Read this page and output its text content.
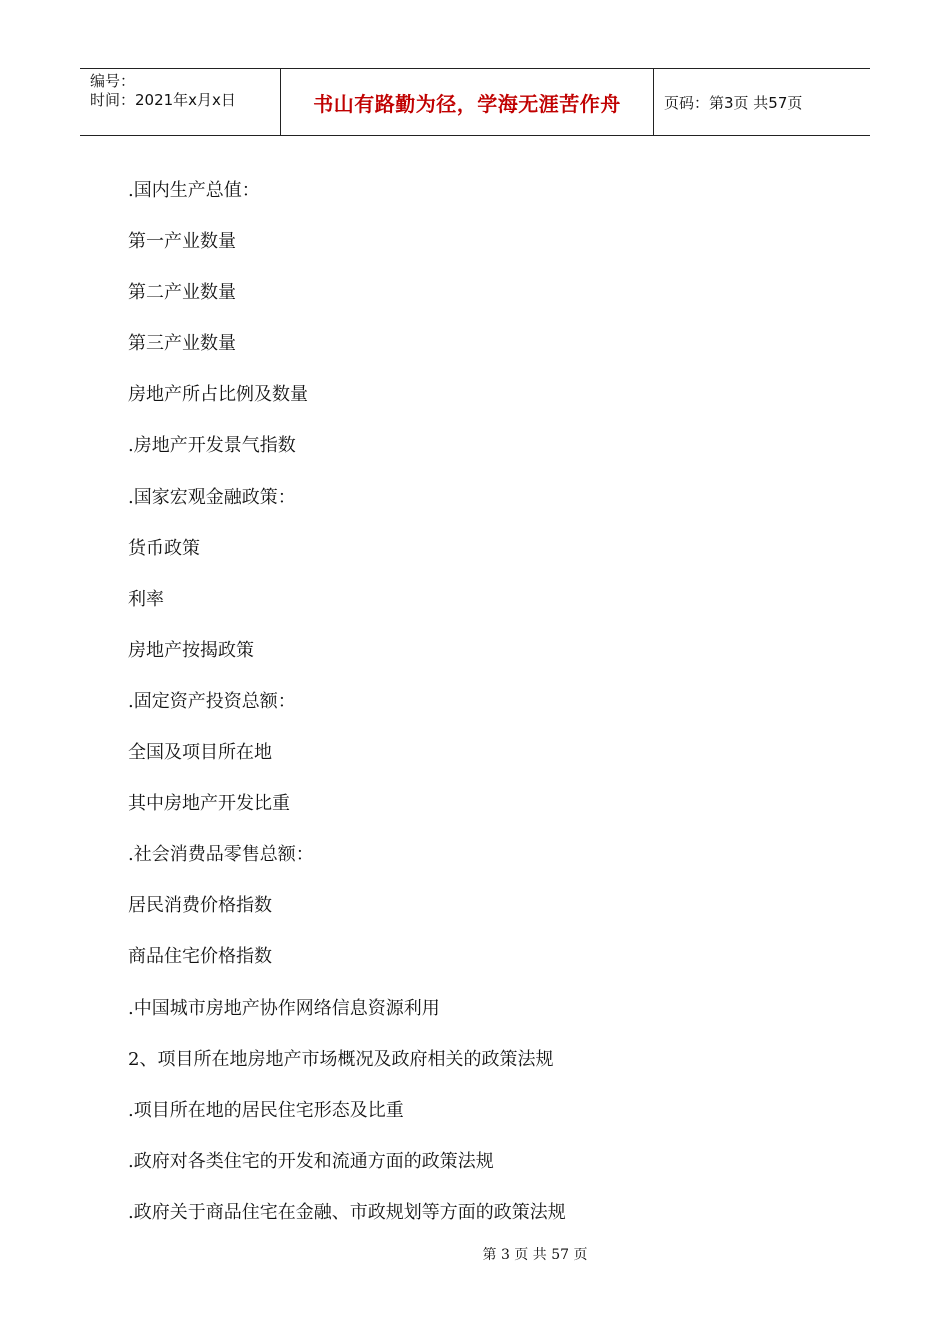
编号：
时间：2021年x月x日	书山有路勤为径，学海无涯苦作舟	页码：第3页 共57页
.国内生产总值：
第一产业数量
第二产业数量
第三产业数量
房地产所占比例及数量
.房地产开发景气指数
.国家宏观金融政策：
货币政策
利率
房地产按揭政策
.固定资产投资总额：
全国及项目所在地
其中房地产开发比重
.社会消费品零售总额：
居民消费价格指数
商品住宅价格指数
.中国城市房地产协作网络信息资源利用
2、项目所在地房地产市场概况及政府相关的政策法规
.项目所在地的居民住宅形态及比重
.政府对各类住宅的开发和流通方面的政策法规
.政府关于商品住宅在金融、市政规划等方面的政策法规
第 3 页 共 57 页
